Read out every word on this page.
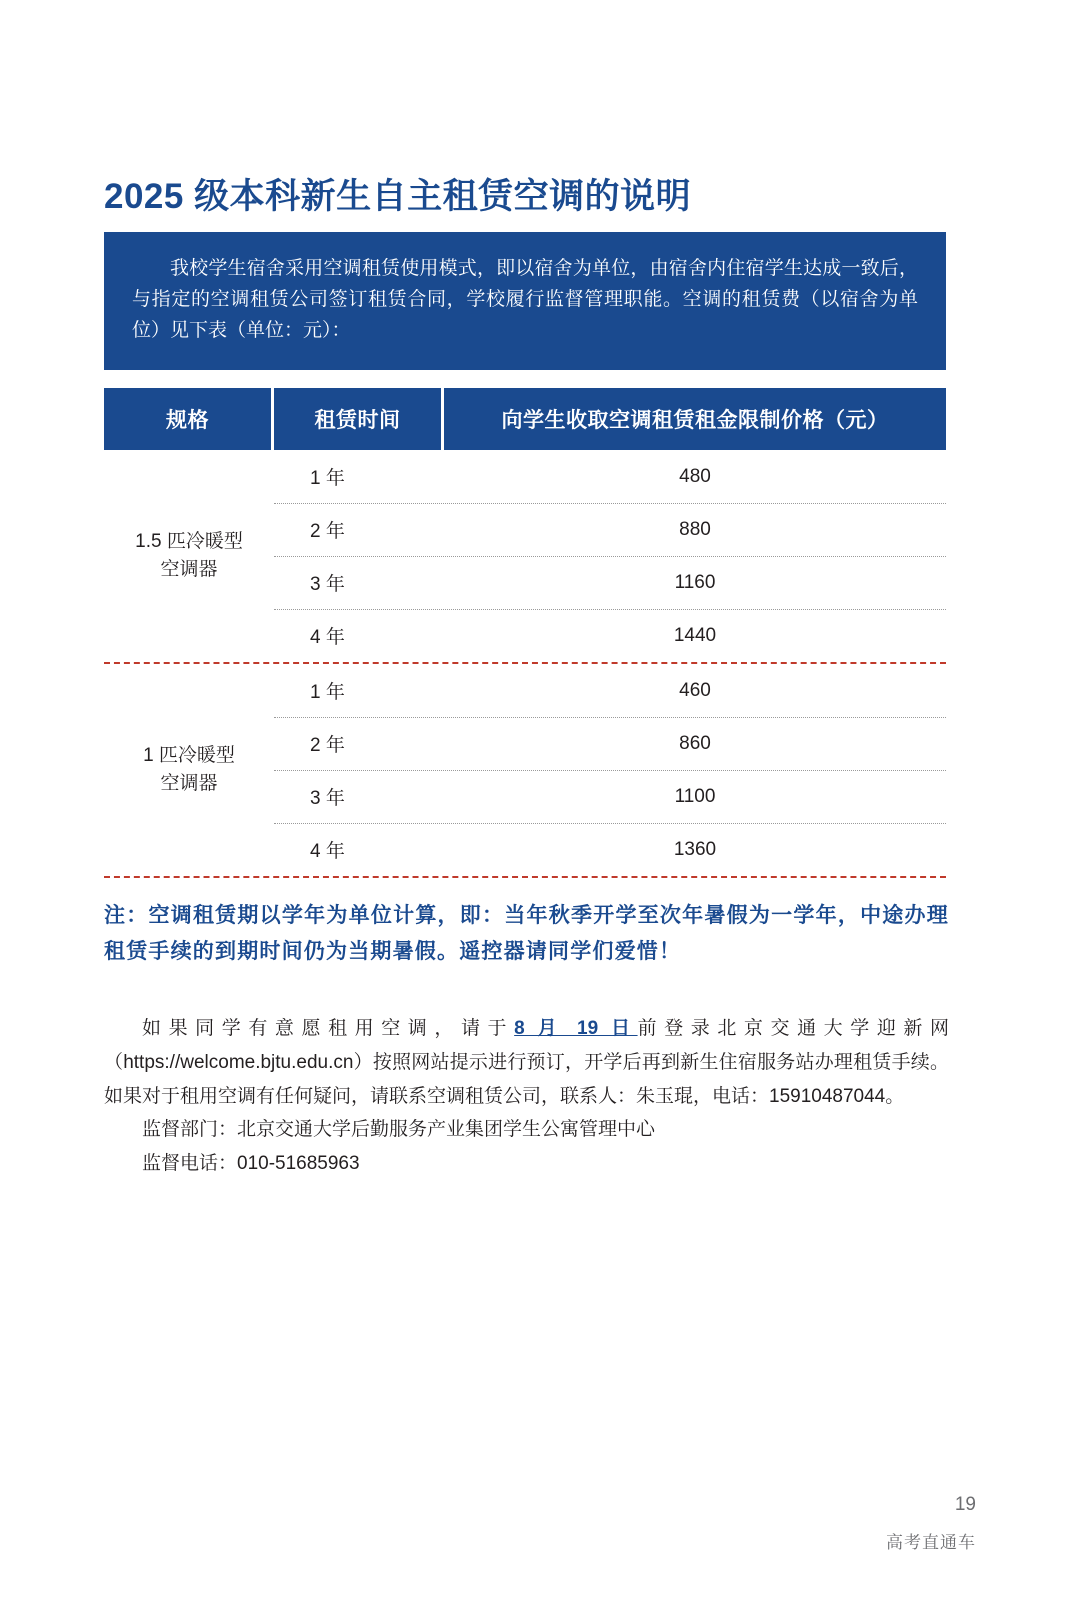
2025 级本科新生自主租赁空调的说明

我校学生宿舍采用空调租赁使用模式，即以宿舍为单位，由宿舍内住宿学生达成一致后，与指定的空调租赁公司签订租赁合同，学校履行监督管理职能。空调的租赁费（以宿舍为单位）见下表（单位：元）：

规格	租赁时间	向学生收取空调租赁租金限制价格（元）
1.5 匹冷暖型
空调器
1 年	480
2 年	880
3 年	1160
4 年	1440
1 匹冷暖型
空调器
1 年	460
2 年	860
3 年	1100
4 年	1360
注：空调租赁期以学年为单位计算，即：当年秋季开学至次年暑假为一学年，中途办理租赁手续的到期时间仍为当期暑假。遥控器请同学们爱惜！

如果同学有意愿租用空调，请于8 月 19 日前登录北京交通大学迎新网（https://welcome.bjtu.edu.cn）按照网站提示进行预订，开学后再到新生住宿服务站办理租赁手续。如果对于租用空调有任何疑问，请联系空调租赁公司，联系人：朱玉琨，电话：15910487044。

监督部门：北京交通大学后勤服务产业集团学生公寓管理中心

监督电话：010-51685963

19
高考直通车
